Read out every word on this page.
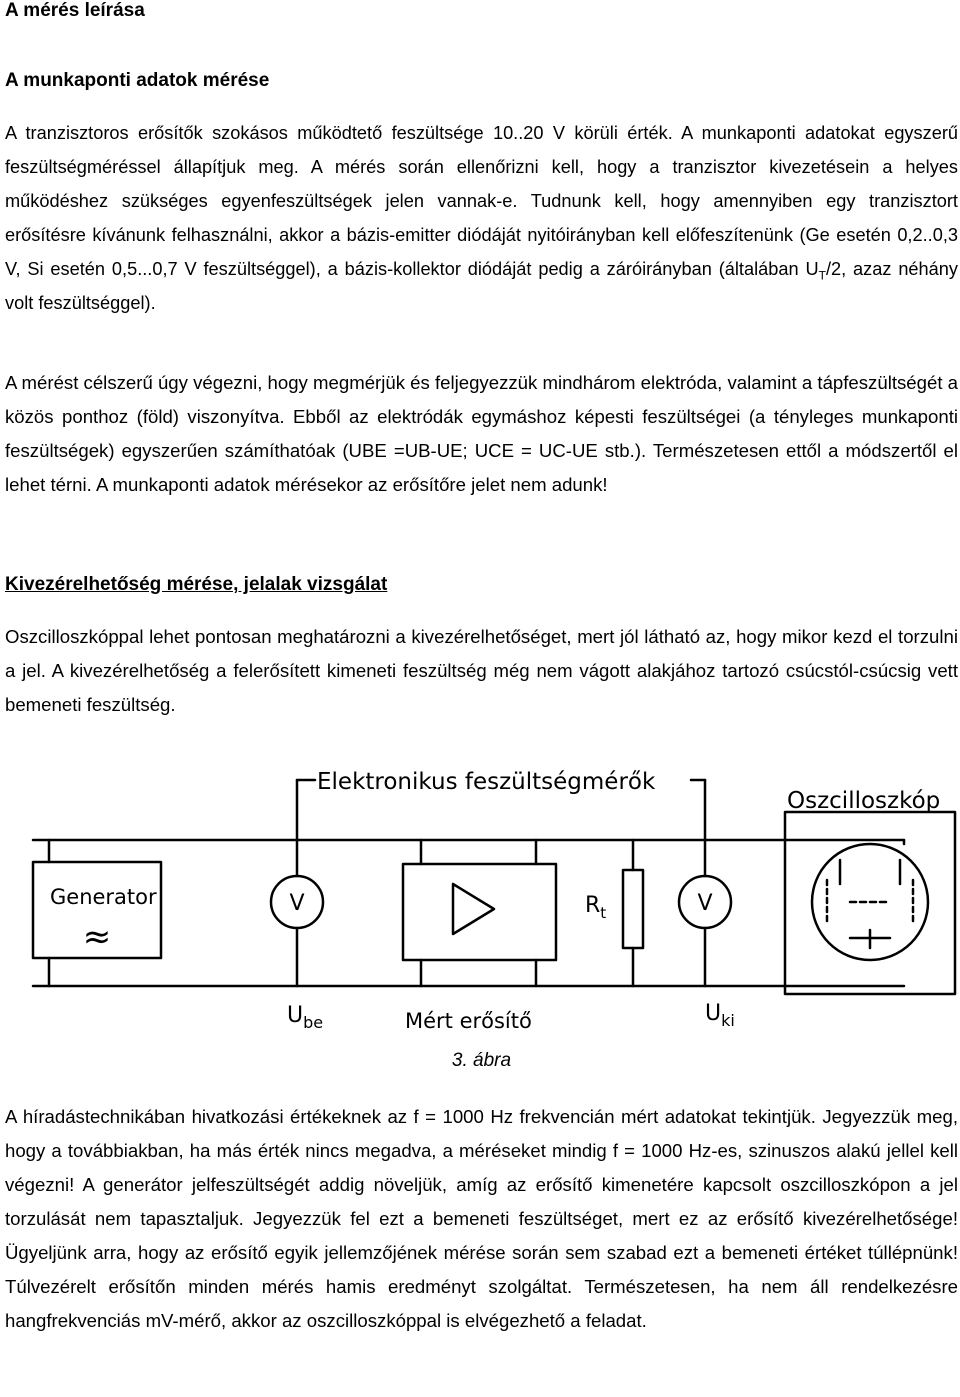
A mérés leírása
A munkaponti adatok mérése

A tranzisztoros erősítők szokásos működtető feszültsége 10..20 V körüli érték. A munkaponti adatokat egyszerű feszültségméréssel állapítjuk meg. A mérés során ellenőrizni kell, hogy a tranzisztor kivezetésein a helyes működéshez szükséges egyenfeszültségek jelen vannak-e. Tudnunk kell, hogy amennyiben egy tranzisztort erősítésre kívánunk felhasználni, akkor a bázis-emitter diódáját nyitóirányban kell előfeszítenünk (Ge esetén 0,2..0,3 V, Si esetén 0,5...0,7 V feszültséggel), a bázis-kollektor diódáját pedig a záróirányban (általában $U_T/2$, azaz néhány volt feszültséggel).

A mérést célszerű úgy végezni, hogy megmérjük és feljegyezzük mindhárom elektróda, valamint a tápfeszültségét a közös ponthoz (föld) viszonyítva. Ebből az elektródák egymáshoz képesti feszültségei (a tényleges munkaponti feszültségek) egyszerűen számíthatóak (UBE =UB-UE; UCE = UC-UE stb.). Természetesen ettől a módszertől el lehet térni. A munkaponti adatok mérésekor az erősítőre jelet nem adunk!

Kivezérelhetőség mérése, jelalak vizsgálat

Oszcilloszkóppal lehet pontosan meghatározni a kivezérelhetőséget, mert jól látható az, hogy mikor kezd el torzulni a jel. A kivezérelhetőség a felerősített kimeneti feszültség még nem vágott alakjához tartozó csúcstól-csúcsig vett bemeneti feszültség.

Elektronikus feszültségmérők
Oszcilloszkóp
Generator
≈
V	V
$R_t$
$U_{be}$	$U_{ki}$
Mért erősítő
3. ábra

A híradástechnikában hivatkozási értékeknek az f = 1000 Hz frekvencián mért adatokat tekintjük. Jegyezzük meg, hogy a továbbiakban, ha más érték nincs megadva, a méréseket mindig f = 1000 Hz-es, szinuszos alakú jellel kell végezni! A generátor jelfeszültségét addig növeljük, amíg az erősítő kimenetére kapcsolt oszcilloszkópon a jel torzulását nem tapasztaljuk. Jegyezzük fel ezt a bemeneti feszültséget, mert ez az erősítő kivezérelhetősége! Ügyeljünk arra, hogy az erősítő egyik jellemzőjének mérése során sem szabad ezt a bemeneti értéket túllépnünk! Túlvezérelt erősítőn minden mérés hamis eredményt szolgáltat. Természetesen, ha nem áll rendelkezésre hangfrekvenciás mV-mérő, akkor az oszcilloszkóppal is elvégezhető a feladat.
